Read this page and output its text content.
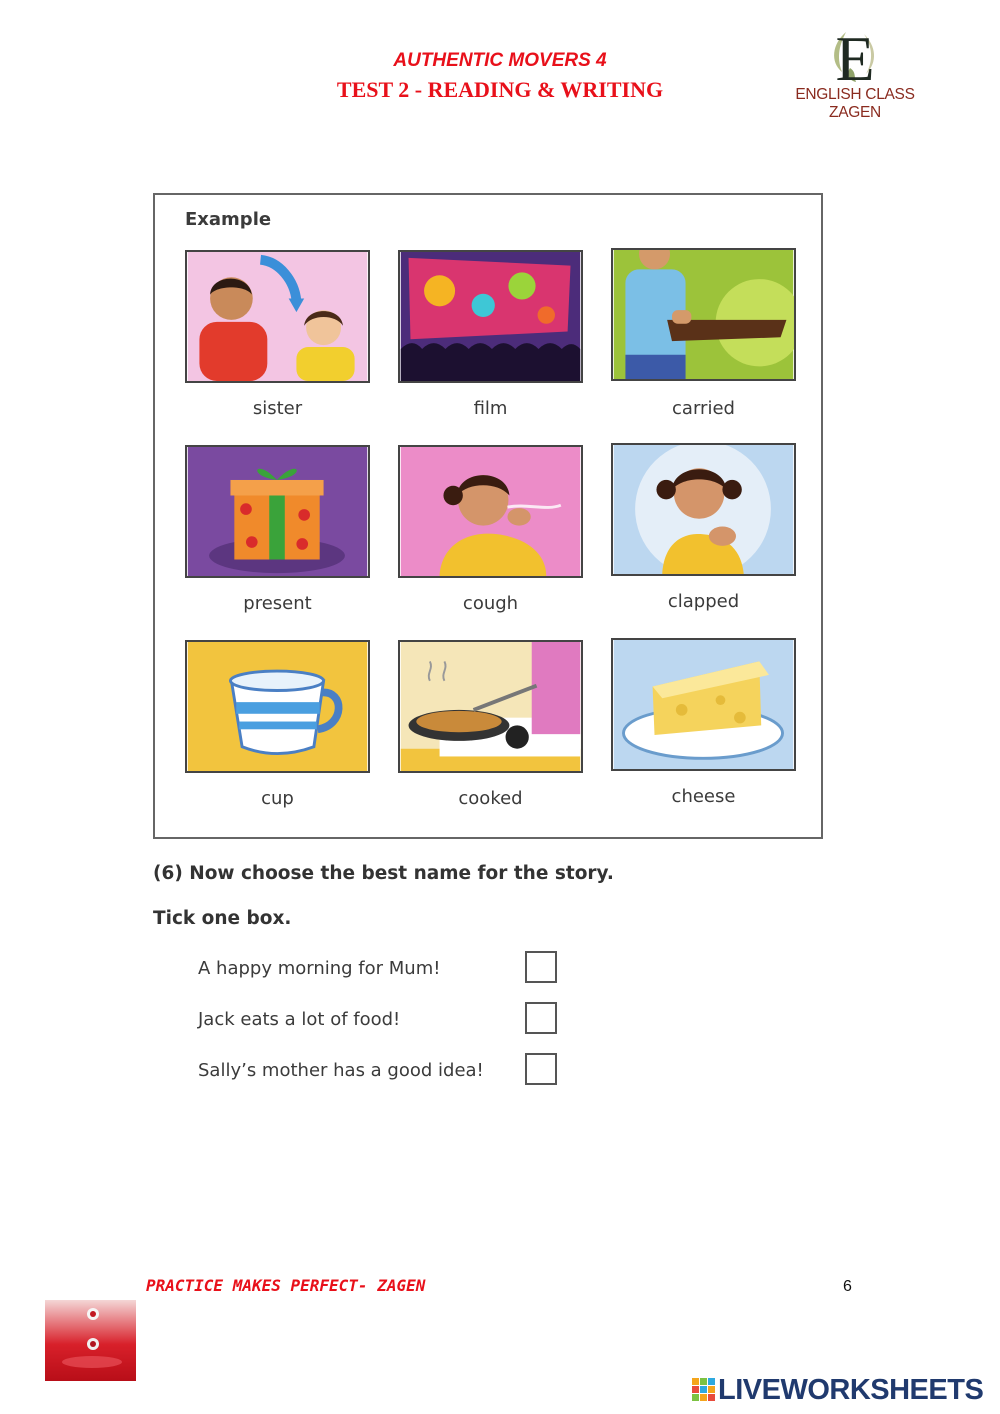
AUTHENTIC MOVERS 4
TEST 2 - READING & WRITING	E
ENGLISH CLASS ZAGEN
Example
sister	film	carried
present	cough	clapped
cup	cooked	cheese
(6) Now choose the best name for the story.
Tick one box.
A happy morning for Mum!
Jack eats a lot of food!
Sally’s mother has a good idea!
PRACTICE MAKES PERFECT- ZAGEN	6
LIVEWORKSHEETS
